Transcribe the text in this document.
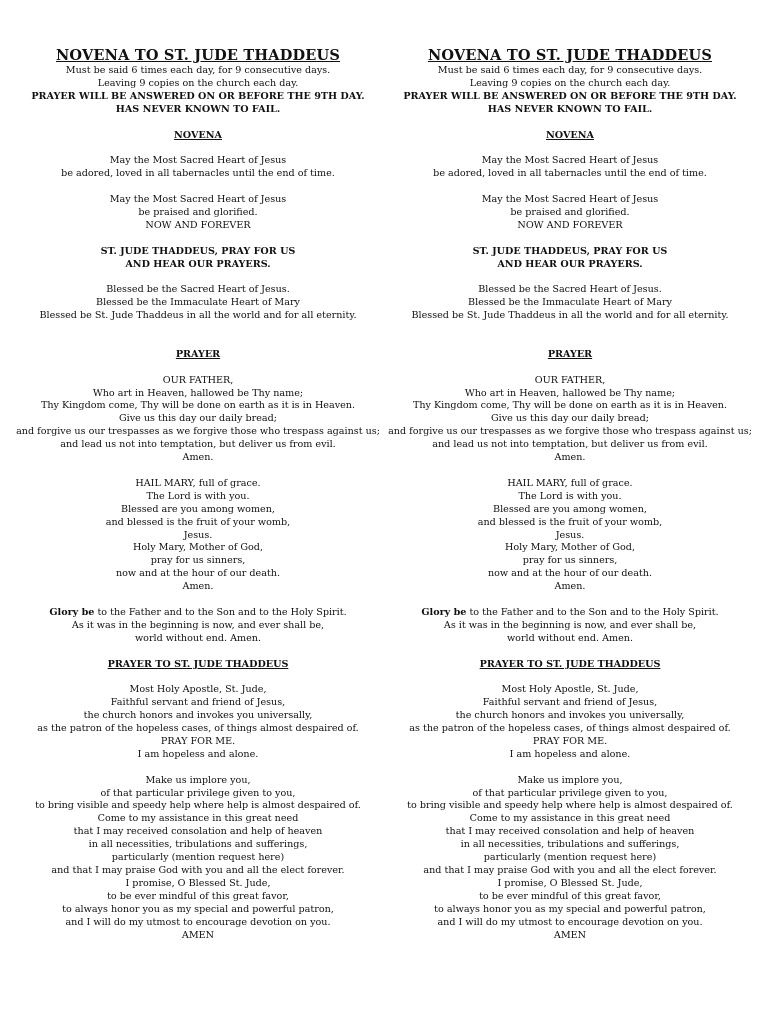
NOVENA TO ST. JUDE THADDEUS
Must be said 6 times each day, for 9 consecutive days.
Leaving 9 copies on the church each day.
PRAYER WILL BE ANSWERED ON OR BEFORE THE 9TH DAY.
HAS NEVER KNOWN TO FAIL.
NOVENA
May the Most Sacred Heart of Jesus
be adored, loved in all tabernacles until the end of time.
May the Most Sacred Heart of Jesus
be praised and glorified.
NOW AND FOREVER
ST. JUDE THADDEUS, PRAY FOR US
AND HEAR OUR PRAYERS.
Blessed be the Sacred Heart of Jesus.
Blessed be the Immaculate Heart of Mary
Blessed be St. Jude Thaddeus in all the world and for all eternity.
PRAYER
OUR FATHER,
Who art in Heaven, hallowed be Thy name;
Thy Kingdom come, Thy will be done on earth as it is in Heaven.
Give us this day our daily bread;
and forgive us our trespasses as we forgive those who trespass against us;
and lead us not into temptation, but deliver us from evil.
Amen.
HAIL MARY, full of grace.
The Lord is with you.
Blessed are you among women,
and blessed is the fruit of your womb,
Jesus.
Holy Mary, Mother of God,
pray for us sinners,
now and at the hour of our death.
Amen.
Glory be to the Father and to the Son and to the Holy Spirit.
As it was in the beginning is now, and ever shall be,
world without end. Amen.
PRAYER TO ST. JUDE THADDEUS
Most Holy Apostle, St. Jude,
Faithful servant and friend of Jesus,
the church honors and invokes you universally,
as the patron of the hopeless cases, of things almost despaired of.
PRAY FOR ME.
I am hopeless and alone.
Make us implore you,
of that particular privilege given to you,
to bring visible and speedy help where help is almost despaired of.
Come to my assistance in this great need
that I may received consolation and help of heaven
in all necessities, tribulations and sufferings,
particularly (mention request here)
and that I may praise God with you and all the elect forever.
I promise, O Blessed St. Jude,
to be ever mindful of this great favor,
to always honor you as my special and powerful patron,
and I will do my utmost to encourage devotion on you.
AMEN
NOVENA TO ST. JUDE THADDEUS
Must be said 6 times each day, for 9 consecutive days.
Leaving 9 copies on the church each day.
PRAYER WILL BE ANSWERED ON OR BEFORE THE 9TH DAY.
HAS NEVER KNOWN TO FAIL.
NOVENA
May the Most Sacred Heart of Jesus
be adored, loved in all tabernacles until the end of time.
May the Most Sacred Heart of Jesus
be praised and glorified.
NOW AND FOREVER
ST. JUDE THADDEUS, PRAY FOR US
AND HEAR OUR PRAYERS.
Blessed be the Sacred Heart of Jesus.
Blessed be the Immaculate Heart of Mary
Blessed be St. Jude Thaddeus in all the world and for all eternity.
PRAYER
OUR FATHER,
Who art in Heaven, hallowed be Thy name;
Thy Kingdom come, Thy will be done on earth as it is in Heaven.
Give us this day our daily bread;
and forgive us our trespasses as we forgive those who trespass against us;
and lead us not into temptation, but deliver us from evil.
Amen.
HAIL MARY, full of grace.
The Lord is with you.
Blessed are you among women,
and blessed is the fruit of your womb,
Jesus.
Holy Mary, Mother of God,
pray for us sinners,
now and at the hour of our death.
Amen.
Glory be to the Father and to the Son and to the Holy Spirit.
As it was in the beginning is now, and ever shall be,
world without end. Amen.
PRAYER TO ST. JUDE THADDEUS
Most Holy Apostle, St. Jude,
Faithful servant and friend of Jesus,
the church honors and invokes you universally,
as the patron of the hopeless cases, of things almost despaired of.
PRAY FOR ME.
I am hopeless and alone.
Make us implore you,
of that particular privilege given to you,
to bring visible and speedy help where help is almost despaired of.
Come to my assistance in this great need
that I may received consolation and help of heaven
in all necessities, tribulations and sufferings,
particularly (mention request here)
and that I may praise God with you and all the elect forever.
I promise, O Blessed St. Jude,
to be ever mindful of this great favor,
to always honor you as my special and powerful patron,
and I will do my utmost to encourage devotion on you.
AMEN
